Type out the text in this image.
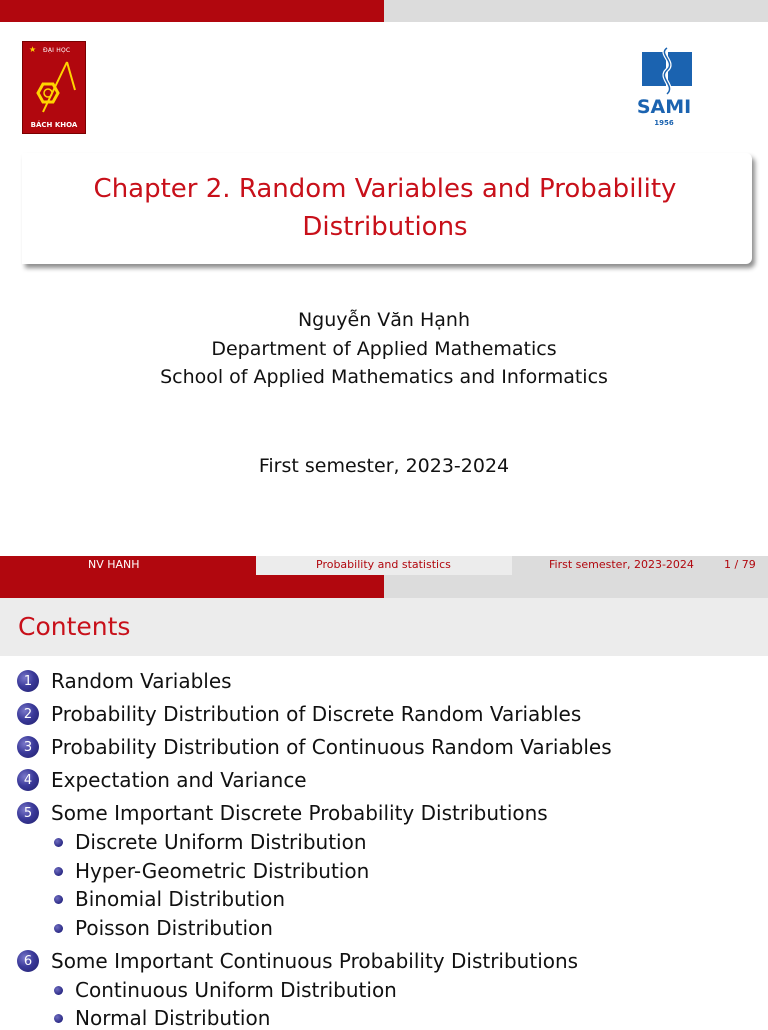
★ ĐẠI HỌC
BÁCH KHOA
SAMI
1956
Chapter 2. Random Variables and Probability
Distributions
Nguyễn Văn Hạnh
Department of Applied Mathematics
School of Applied Mathematics and Informatics
First semester, 2023-2024
NV HANH	Probability and statistics	First semester, 2023-2024	1 / 79
Contents
1 Random Variables
2 Probability Distribution of Discrete Random Variables
3 Probability Distribution of Continuous Random Variables
4 Expectation and Variance
5 Some Important Discrete Probability Distributions
Discrete Uniform Distribution
Hyper-Geometric Distribution
Binomial Distribution
Poisson Distribution
6 Some Important Continuous Probability Distributions
Continuous Uniform Distribution
Normal Distribution
